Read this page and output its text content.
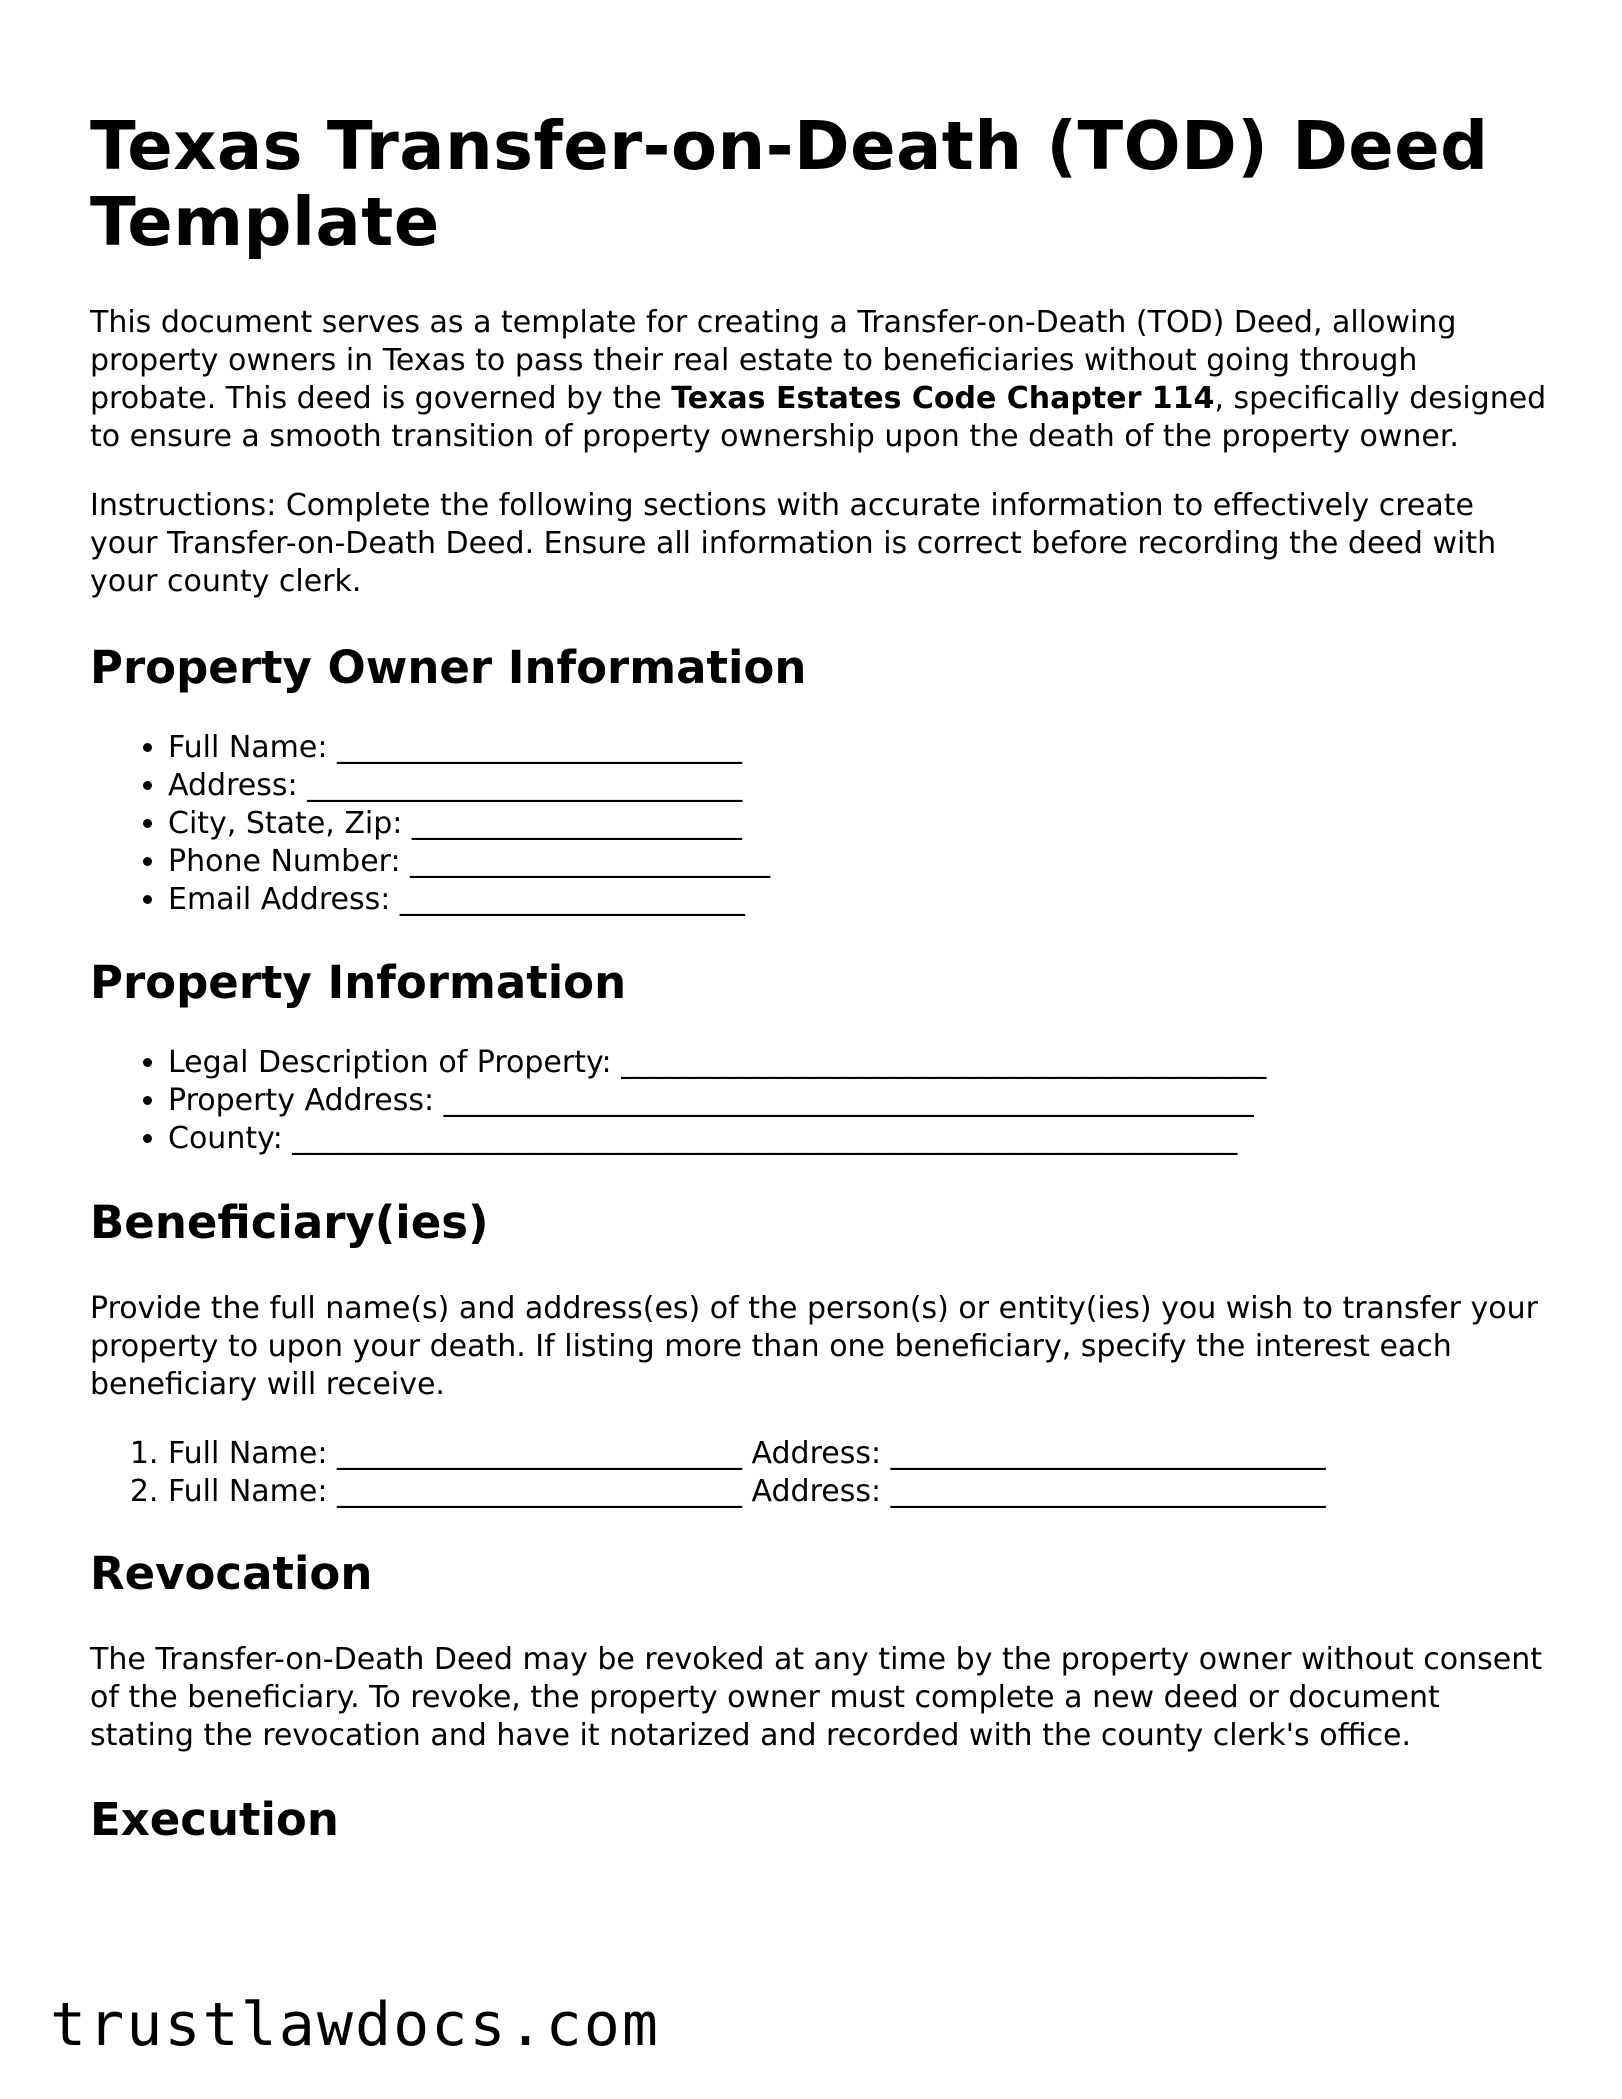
Texas Transfer-on-Death (TOD) Deed Template

This document serves as a template for creating a Transfer-on-Death (TOD) Deed, allowing property owners in Texas to pass their real estate to beneficiaries without going through probate. This deed is governed by the Texas Estates Code Chapter 114, specifically designed to ensure a smooth transition of property ownership upon the death of the property owner.

Instructions: Complete the following sections with accurate information to effectively create your Transfer-on-Death Deed. Ensure all information is correct before recording the deed with your county clerk.

Property Owner Information
• Full Name: ___________________________
• Address: _____________________________
• City, State, Zip: ______________________
• Phone Number: ________________________
• Email Address: _______________________
Property Information
• Legal Description of Property: ___________________________________________
• Property Address: ______________________________________________________
• County: _______________________________________________________________
Beneficiary(ies)

Provide the full name(s) and address(es) of the person(s) or entity(ies) you wish to transfer your property to upon your death. If listing more than one beneficiary, specify the interest each beneficiary will receive.

1. Full Name: ___________________________ Address: _____________________________
2. Full Name: ___________________________ Address: _____________________________
Revocation

The Transfer-on-Death Deed may be revoked at any time by the property owner without consent of the beneficiary. To revoke, the property owner must complete a new deed or document stating the revocation and have it notarized and recorded with the county clerk's office.

Execution
trustlawdocs.com
